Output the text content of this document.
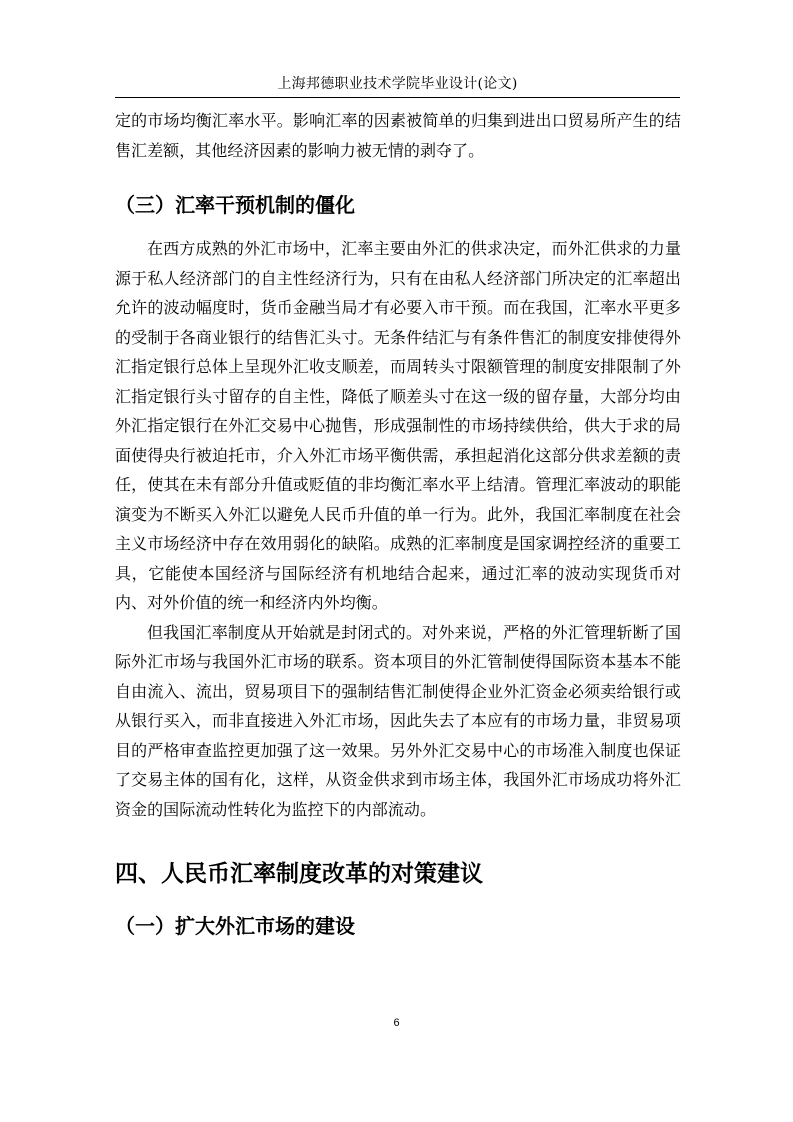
上海邦德职业技术学院毕业设计(论文)

定的市场均衡汇率水平。影响汇率的因素被简单的归集到进出口贸易所产生的结售汇差额，其他经济因素的影响力被无情的剥夺了。

（三）汇率干预机制的僵化

在西方成熟的外汇市场中，汇率主要由外汇的供求决定，而外汇供求的力量源于私人经济部门的自主性经济行为，只有在由私人经济部门所决定的汇率超出允许的波动幅度时，货币金融当局才有必要入市干预。而在我国，汇率水平更多的受制于各商业银行的结售汇头寸。无条件结汇与有条件售汇的制度安排使得外汇指定银行总体上呈现外汇收支顺差，而周转头寸限额管理的制度安排限制了外汇指定银行头寸留存的自主性，降低了顺差头寸在这一级的留存量，大部分均由外汇指定银行在外汇交易中心抛售，形成强制性的市场持续供给，供大于求的局面使得央行被迫托市，介入外汇市场平衡供需，承担起消化这部分供求差额的责任，使其在未有部分升值或贬值的非均衡汇率水平上结清。管理汇率波动的职能演变为不断买入外汇以避免人民币升值的单一行为。此外，我国汇率制度在社会主义市场经济中存在效用弱化的缺陷。成熟的汇率制度是国家调控经济的重要工具，它能使本国经济与国际经济有机地结合起来，通过汇率的波动实现货币对内、对外价值的统一和经济内外均衡。

但我国汇率制度从开始就是封闭式的。对外来说，严格的外汇管理斩断了国际外汇市场与我国外汇市场的联系。资本项目的外汇管制使得国际资本基本不能自由流入、流出，贸易项目下的强制结售汇制使得企业外汇资金必须卖给银行或从银行买入，而非直接进入外汇市场，因此失去了本应有的市场力量，非贸易项目的严格审查监控更加强了这一效果。另外外汇交易中心的市场准入制度也保证了交易主体的国有化，这样，从资金供求到市场主体，我国外汇市场成功将外汇资金的国际流动性转化为监控下的内部流动。

四、人民币汇率制度改革的对策建议
（一）扩大外汇市场的建设
6
